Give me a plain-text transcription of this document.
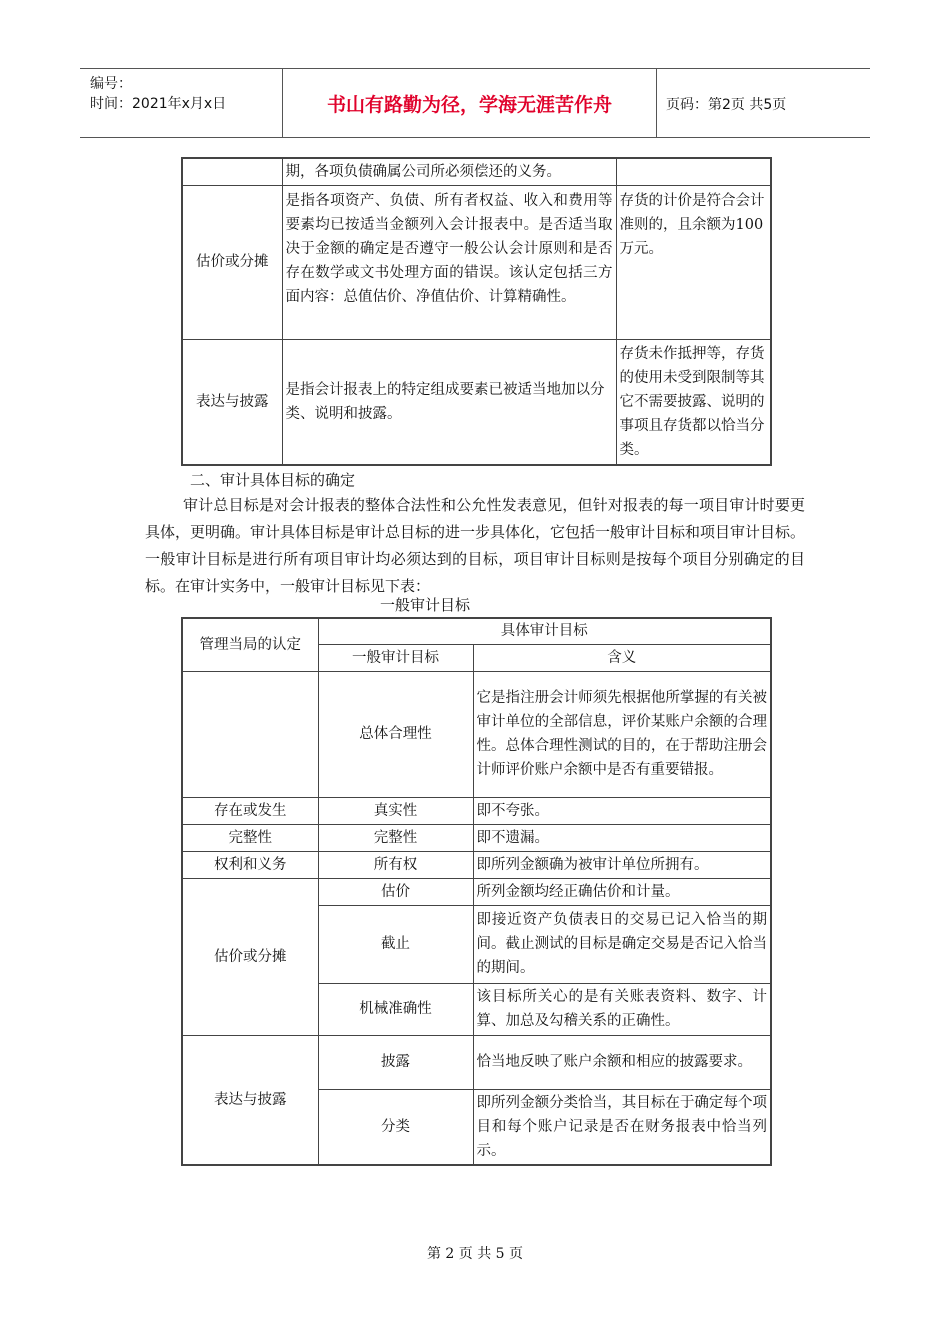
编号：
时间：2021年x月x日	书山有路勤为径，学海无涯苦作舟	页码：第2页 共5页
	期，各项负债确属公司所必须偿还的义务。	
估价或分摊	是指各项资产、负债、所有者权益、收入和费用等要素均已按适当金额列入会计报表中。是否适当取决于金额的确定是否遵守一般公认会计原则和是否存在数学或文书处理方面的错误。该认定包括三方面内容：总值估价、净值估价、计算精确性。	存货的计价是符合会计准则的，且余额为100万元。
表达与披露	是指会计报表上的特定组成要素已被适当地加以分类、说明和披露。	存货未作抵押等，存货的使用未受到限制等其它不需要披露、说明的事项且存货都以恰当分类。
二、审计具体目标的确定

审计总目标是对会计报表的整体合法性和公允性发表意见，但针对报表的每一项目审计时要更具体，更明确。审计具体目标是审计总目标的进一步具体化，它包括一般审计目标和项目审计目标。一般审计目标是进行所有项目审计均必须达到的目标，项目审计目标则是按每个项目分别确定的目标。在审计实务中，一般审计目标见下表：

一般审计目标
管理当局的认定	具体审计目标	
	一般审计目标	含义
	总体合理性	它是指注册会计师须先根据他所掌握的有关被审计单位的全部信息，评价某账户余额的合理性。总体合理性测试的目的，在于帮助注册会计师评价账户余额中是否有重要错报。
存在或发生	真实性	即不夸张。
完整性	完整性	即不遗漏。
权利和义务	所有权	即所列金额确为被审计单位所拥有。
估价或分摊	估价	所列金额均经正确估价和计量。
	截止	即接近资产负债表日的交易已记入恰当的期间。截止测试的目标是确定交易是否记入恰当的期间。
	机械准确性	该目标所关心的是有关账表资料、数字、计算、加总及勾稽关系的正确性。
表达与披露	披露	恰当地反映了账户余额和相应的披露要求。
	分类	即所列金额分类恰当，其目标在于确定每个项目和每个账户记录是否在财务报表中恰当列示。
第 2 页 共 5 页
